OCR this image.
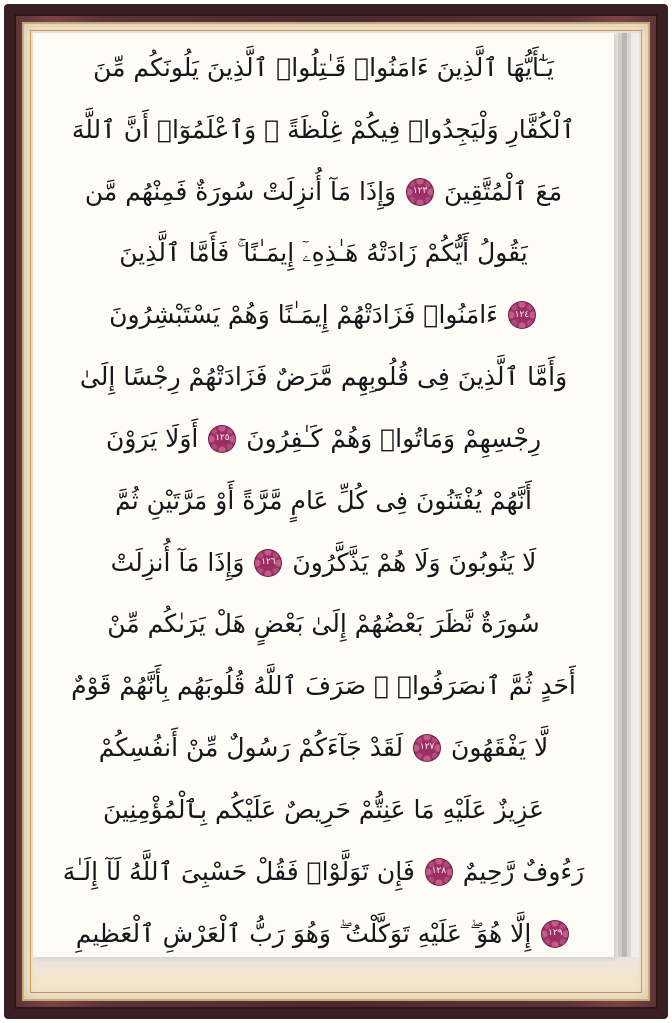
يَـٰٓأَيُّهَا ٱلَّذِينَ ءَامَنُوا۟ قَـٰتِلُوا۟ ٱلَّذِينَ يَلُونَكُم مِّنَ
ٱلْكُفَّارِ وَلْيَجِدُوا۟ فِيكُمْ غِلْظَةً ۚ وَٱعْلَمُوٓا۟ أَنَّ ٱللَّهَ
مَعَ ٱلْمُتَّقِينَ
١٢٣
وَإِذَا مَآ أُنزِلَتْ سُورَةٌ فَمِنْهُم مَّن
يَقُولُ أَيُّكُمْ زَادَتْهُ هَـٰذِهِۦٓ إِيمَـٰنًا ۚ فَأَمَّا ٱلَّذِينَ
١٢٤
ءَامَنُوا۟ فَزَادَتْهُمْ إِيمَـٰنًا وَهُمْ يَسْتَبْشِرُونَ
وَأَمَّا ٱلَّذِينَ فِى قُلُوبِهِم مَّرَضٌ فَزَادَتْهُمْ رِجْسًا إِلَىٰ
رِجْسِهِمْ وَمَاتُوا۟ وَهُمْ كَـٰفِرُونَ
١٢٥
أَوَلَا يَرَوْنَ
أَنَّهُمْ يُفْتَنُونَ فِى كُلِّ عَامٍ مَّرَّةً أَوْ مَرَّتَيْنِ ثُمَّ
لَا يَتُوبُونَ وَلَا هُمْ يَذَّكَّرُونَ
١٢٦
وَإِذَا مَآ أُنزِلَتْ
سُورَةٌ نَّظَرَ بَعْضُهُمْ إِلَىٰ بَعْضٍ هَلْ يَرَىٰكُم مِّنْ
أَحَدٍ ثُمَّ ٱنصَرَفُوا۟ ۚ صَرَفَ ٱللَّهُ قُلُوبَهُم بِأَنَّهُمْ قَوْمٌ
لَّا يَفْقَهُونَ
١٢٧
لَقَدْ جَآءَكُمْ رَسُولٌ مِّنْ أَنفُسِكُمْ
عَزِيزٌ عَلَيْهِ مَا عَنِتُّمْ حَرِيصٌ عَلَيْكُم بِٱلْمُؤْمِنِينَ
رَءُوفٌ رَّحِيمٌ
١٢٨
فَإِن تَوَلَّوْا۟ فَقُلْ حَسْبِىَ ٱللَّهُ لَآ إِلَـٰهَ
١٢٩
إِلَّا هُوَ ۖ عَلَيْهِ تَوَكَّلْتُ ۖ وَهُوَ رَبُّ ٱلْعَرْشِ ٱلْعَظِيمِ
